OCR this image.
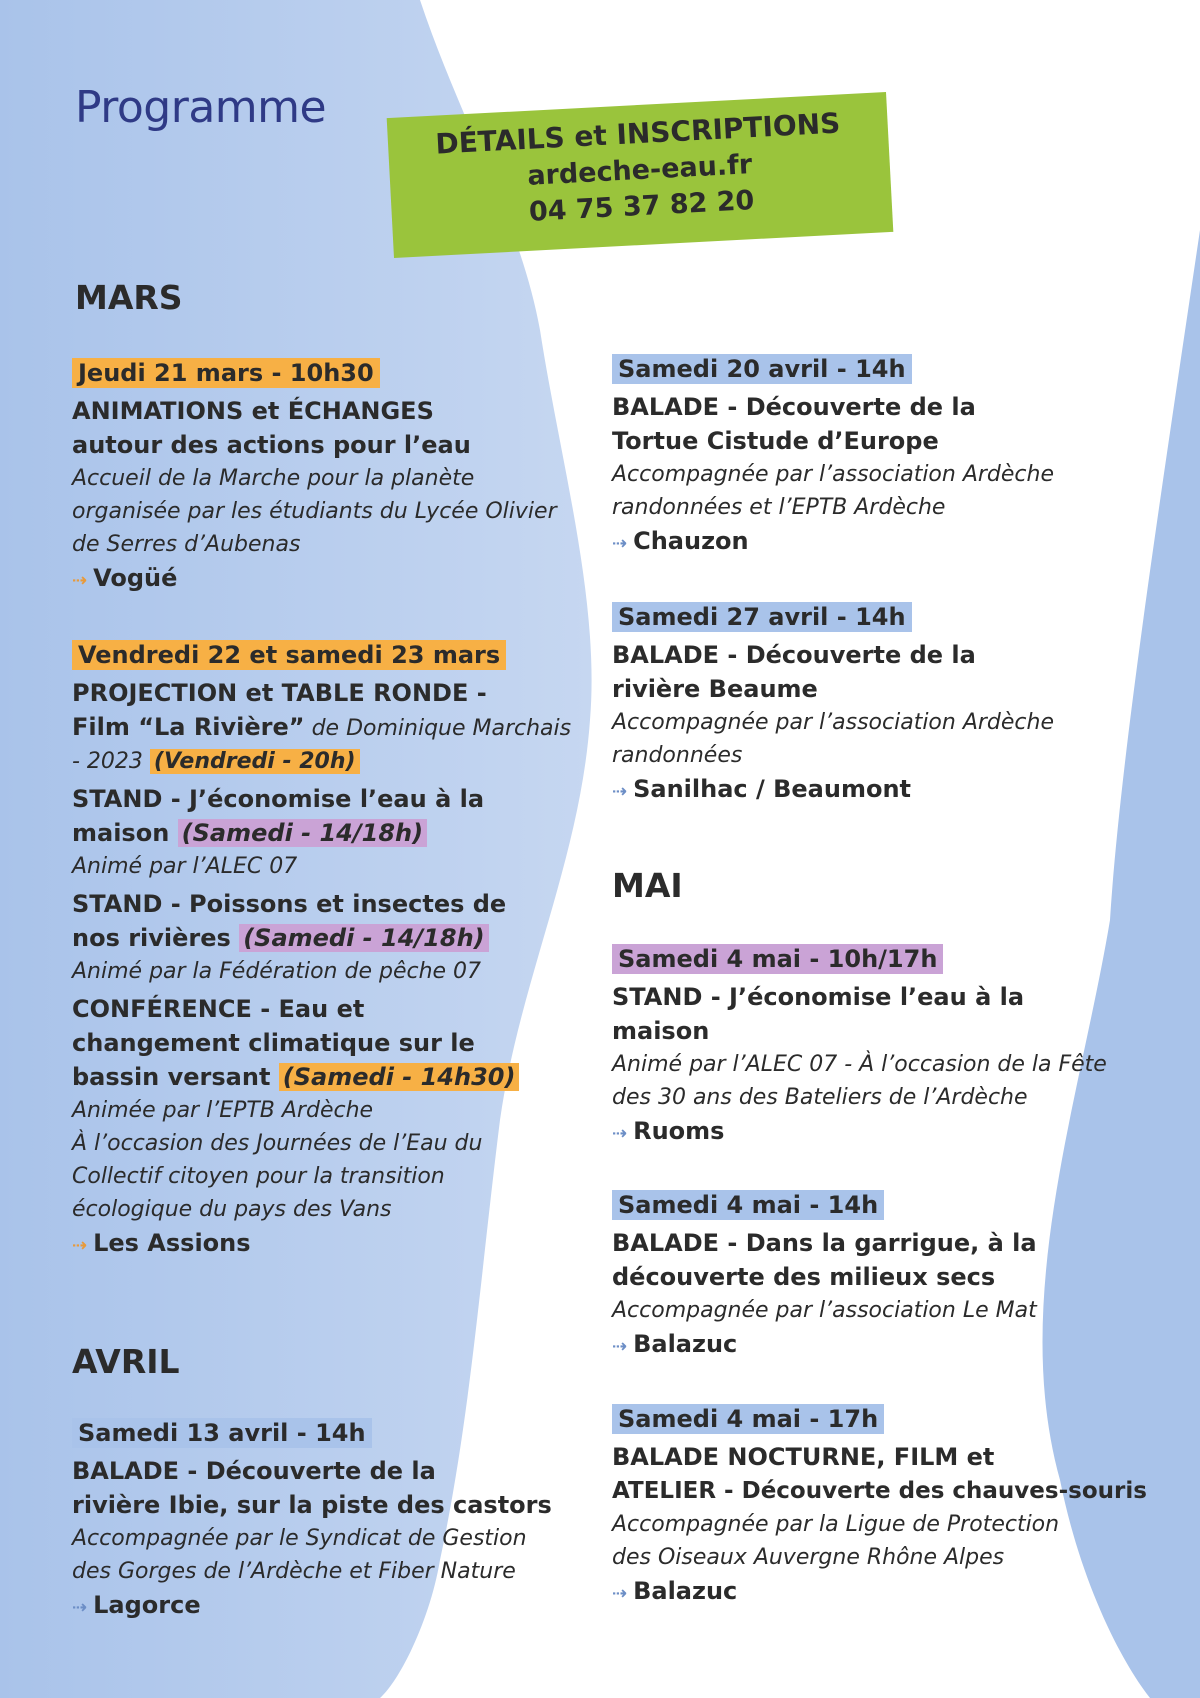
Programme	DÉTAILS et INSCRIPTIONS
ardeche-eau.fr
04 75 37 82 20
MARS
Jeudi 21 mars - 10h30
ANIMATIONS et ÉCHANGES
autour des actions pour l’eau
Accueil de la Marche pour la planète
organisée par les étudiants du Lycée Olivier
de Serres d’Aubenas
⇢ Vogüé
Vendredi 22 et samedi 23 mars
PROJECTION et TABLE RONDE -
Film “La Rivière” de Dominique Marchais
- 2023 (Vendredi - 20h)
STAND - J’économise l’eau à la
maison (Samedi - 14/18h)
Animé par l’ALEC 07
STAND - Poissons et insectes de
nos rivières (Samedi - 14/18h)
Animé par la Fédération de pêche 07
CONFÉRENCE - Eau et
changement climatique sur le
bassin versant (Samedi - 14h30)
Animée par l’EPTB Ardèche
À l’occasion des Journées de l’Eau du
Collectif citoyen pour la transition
écologique du pays des Vans
⇢ Les Assions
AVRIL
Samedi 13 avril - 14h
BALADE - Découverte de la
rivière Ibie, sur la piste des castors
Accompagnée par le Syndicat de Gestion
des Gorges de l’Ardèche et Fiber Nature
⇢ Lagorce
Samedi 20 avril - 14h
BALADE - Découverte de la
Tortue Cistude d’Europe
Accompagnée par l’association Ardèche
randonnées et l’EPTB Ardèche
⇢ Chauzon
Samedi 27 avril - 14h
BALADE - Découverte de la
rivière Beaume
Accompagnée par l’association Ardèche
randonnées
⇢ Sanilhac / Beaumont
MAI
Samedi 4 mai - 10h/17h
STAND - J’économise l’eau à la
maison
Animé par l’ALEC 07 - À l’occasion de la Fête
des 30 ans des Bateliers de l’Ardèche
⇢ Ruoms
Samedi 4 mai - 14h
BALADE - Dans la garrigue, à la
découverte des milieux secs
Accompagnée par l’association Le Mat
⇢ Balazuc
Samedi 4 mai - 17h
BALADE NOCTURNE, FILM et
ATELIER - Découverte des chauves-souris
Accompagnée par la Ligue de Protection
des Oiseaux Auvergne Rhône Alpes
⇢ Balazuc
